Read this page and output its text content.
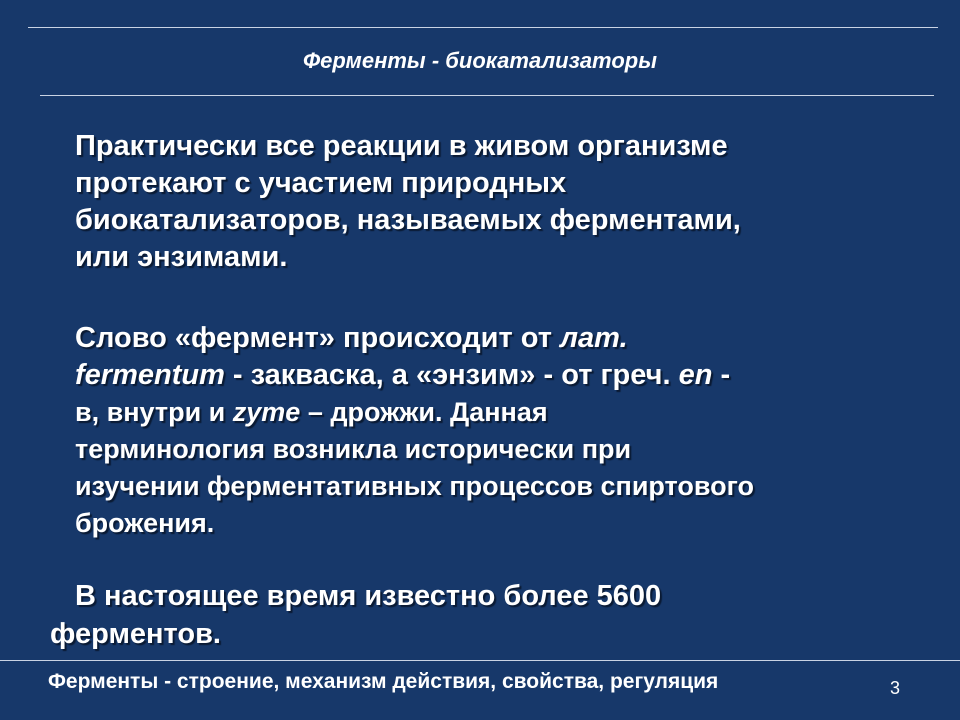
Ферменты - биокатализаторы

Практически все реакции в живом организме
протекают с участием природных
биокатализаторов, называемых ферментами,
или энзимами.

Слово «фермент» происходит от лат.
fermentum - закваска, а «энзим» - от греч. en -
в, внутри и zyme – дрожжи. Данная
терминология возникла исторически при
изучении ферментативных процессов спиртового
брожения.

В настоящее время известно более 5600

ферментов.

Ферменты - строение, механизм действия, свойства, регуляция	3
